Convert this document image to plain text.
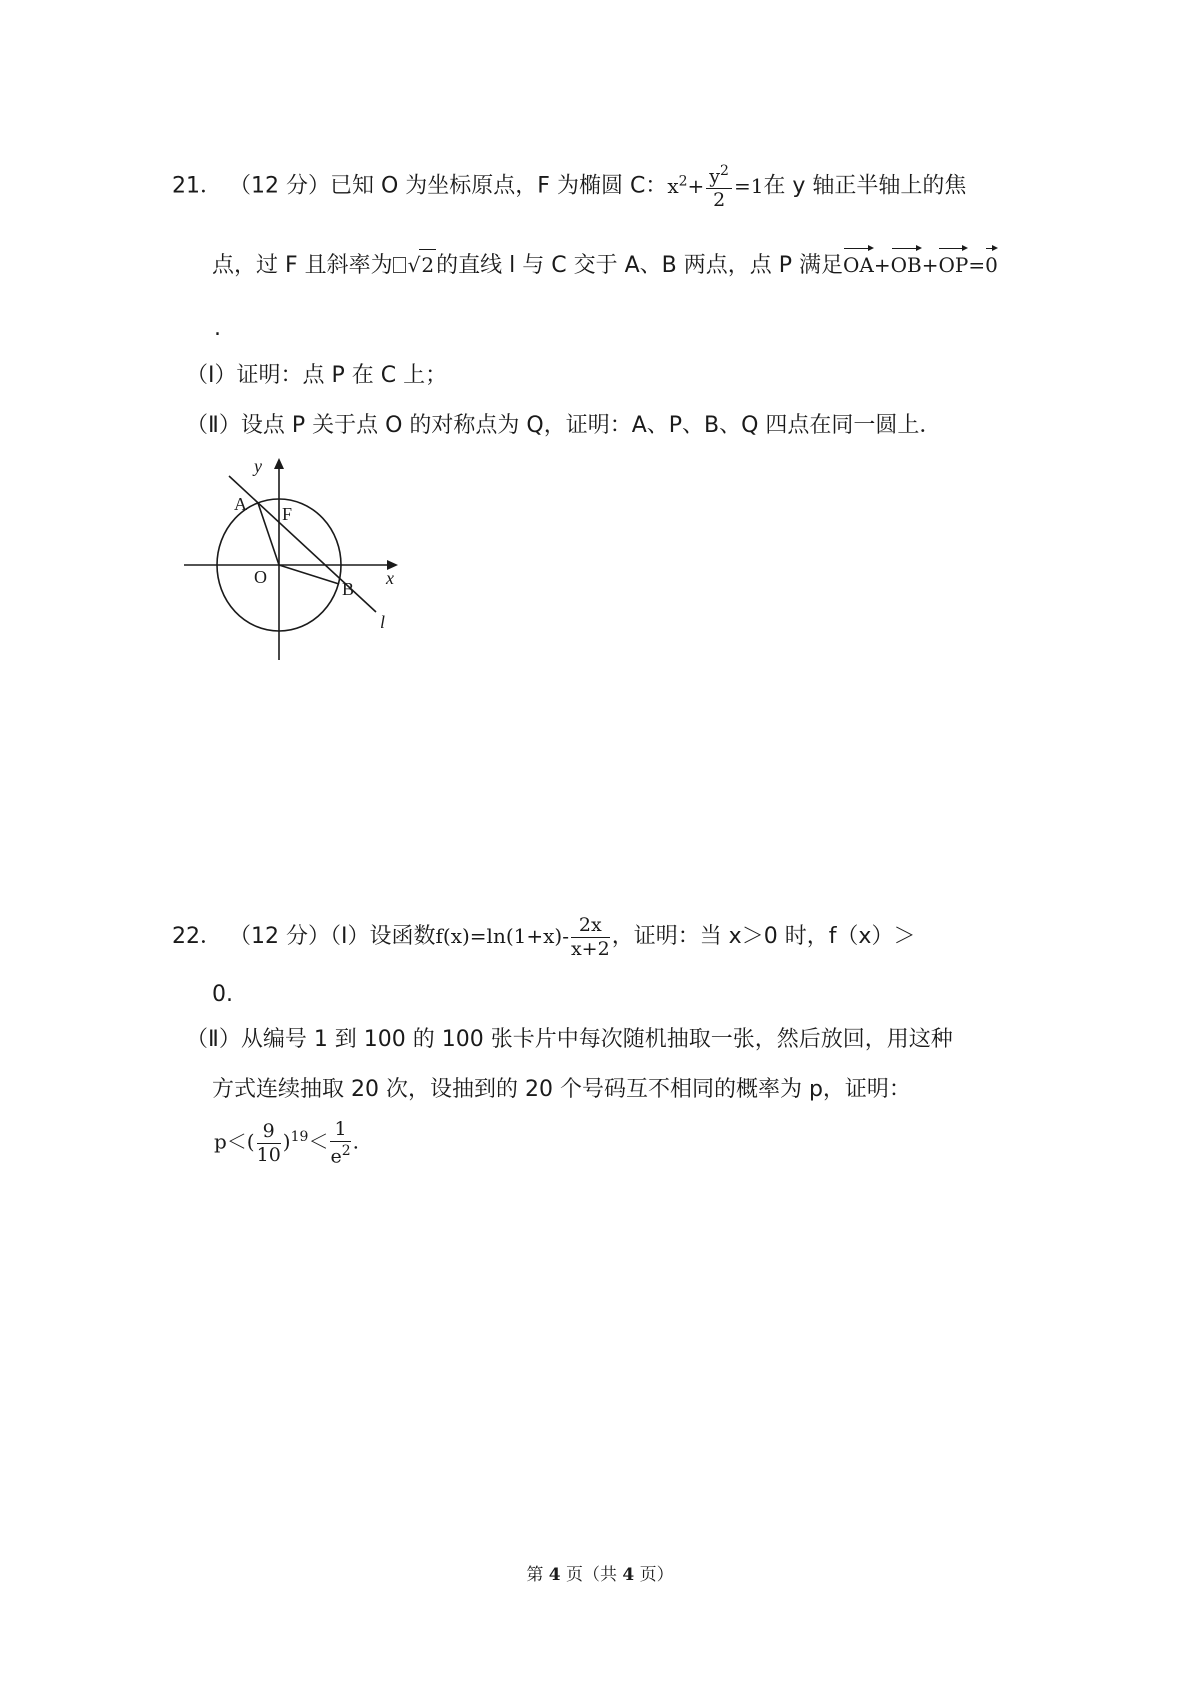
21． （12 分）已知 O 为坐标原点，F 为椭圆 C：$x^2+ \frac{y^2}{2} =1$在 y 轴正半轴上的焦
点，过 F 且斜率为 √2的直线 l 与 C 交于 A、B 两点，点 P 满足OA+OB+OP=0
.
（Ⅰ）证明：点 P 在 C 上；
（Ⅱ）设点 P 关于点 O 的对称点为 Q，证明：A、P、B、Q 四点在同一圆上．
y
x
A F
O
B
l
22． （12 分）（Ⅰ）设函数$f(x)=\ln(1+x)- \frac{2x}{x+2}$ ，证明：当 x＞0 时，f（x）＞
0.
（Ⅱ）从编号 1 到 100 的 100 张卡片中每次随机抽取一张，然后放回，用这种
方式连续抽取 20 次，设抽到的 20 个号码互不相同的概率为 p，证明：
$p<( \frac{9}{10} )^{19}< \frac{1}{e^2}$ .
第 4 页（共 4 页）
